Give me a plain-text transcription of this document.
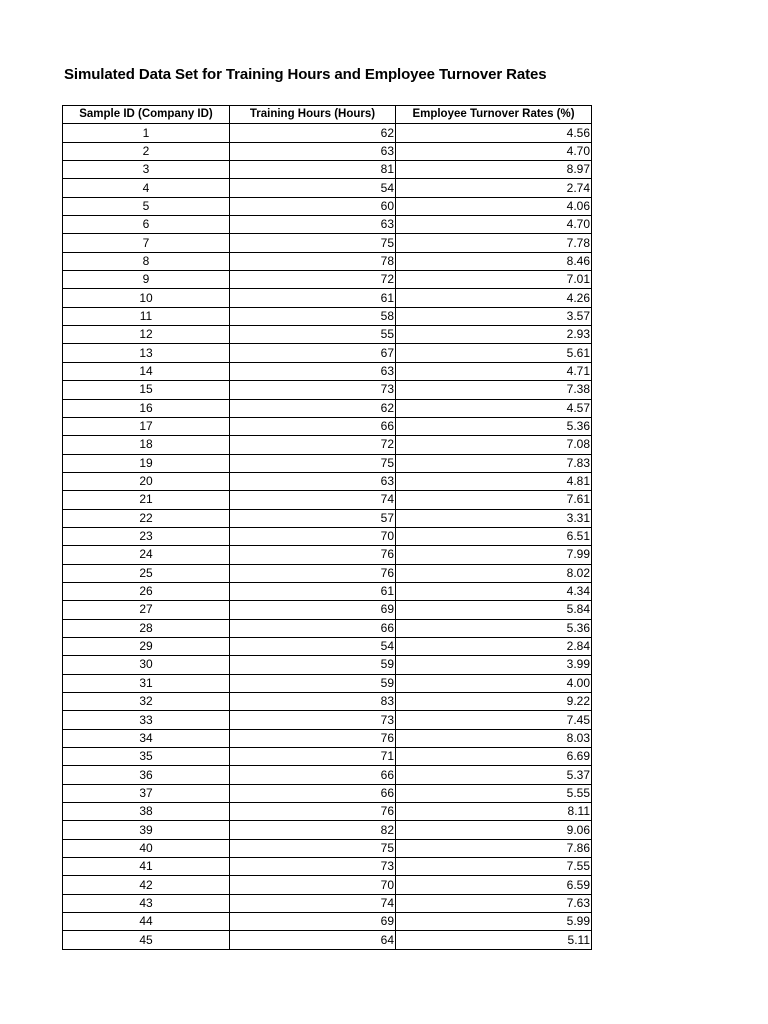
Simulated Data Set for Training Hours and Employee Turnover Rates
Sample ID (Company ID)	Training Hours (Hours)	Employee Turnover Rates (%)
1	62	4.56
2	63	4.70
3	81	8.97
4	54	2.74
5	60	4.06
6	63	4.70
7	75	7.78
8	78	8.46
9	72	7.01
10	61	4.26
11	58	3.57
12	55	2.93
13	67	5.61
14	63	4.71
15	73	7.38
16	62	4.57
17	66	5.36
18	72	7.08
19	75	7.83
20	63	4.81
21	74	7.61
22	57	3.31
23	70	6.51
24	76	7.99
25	76	8.02
26	61	4.34
27	69	5.84
28	66	5.36
29	54	2.84
30	59	3.99
31	59	4.00
32	83	9.22
33	73	7.45
34	76	8.03
35	71	6.69
36	66	5.37
37	66	5.55
38	76	8.11
39	82	9.06
40	75	7.86
41	73	7.55
42	70	6.59
43	74	7.63
44	69	5.99
45	64	5.11
